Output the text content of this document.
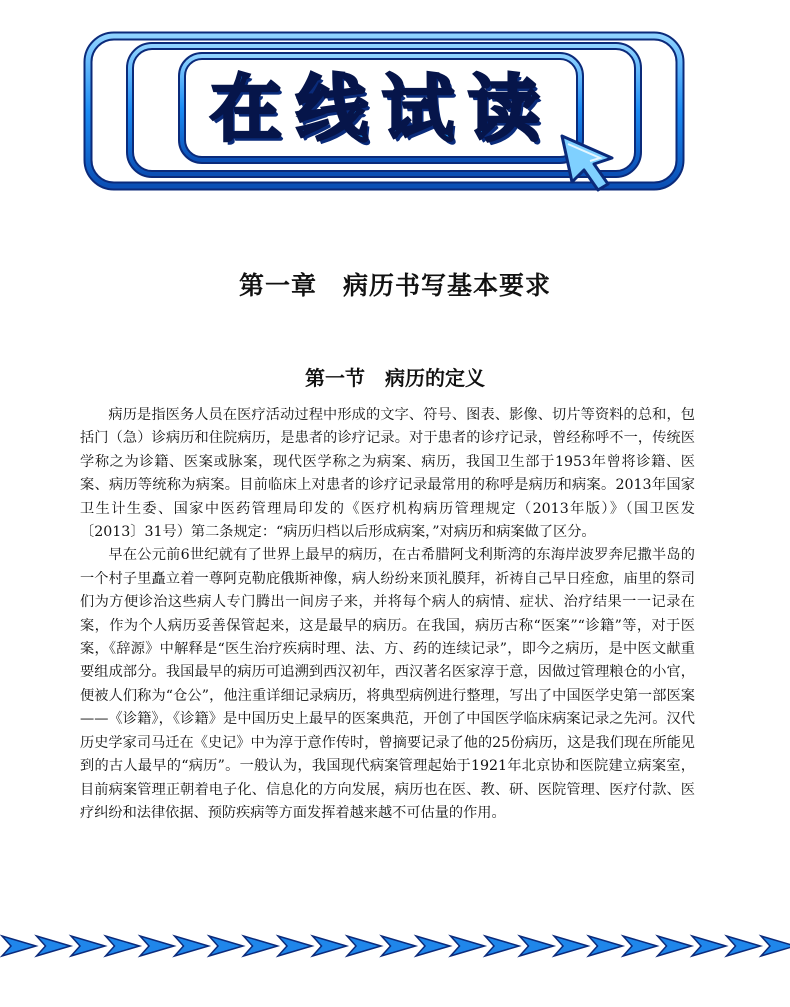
在线试读
第一章　病历书写基本要求
第一节　病历的定义

病历是指医务人员在医疗活动过程中形成的文字、符号、图表、影像、切片等资料的总和，包括门（急）诊病历和住院病历，是患者的诊疗记录。对于患者的诊疗记录，曾经称呼不一，传统医学称之为诊籍、医案或脉案，现代医学称之为病案、病历，我国卫生部于1953年曾将诊籍、医案、病历等统称为病案。目前临床上对患者的诊疗记录最常用的称呼是病历和病案。2013年国家卫生计生委、国家中医药管理局印发的《医疗机构病历管理规定（2013年版）》（国卫医发〔2013〕31号）第二条规定：“病历归档以后形成病案，”对病历和病案做了区分。

早在公元前6世纪就有了世界上最早的病历，在古希腊阿戈利斯湾的东海岸波罗奔尼撒半岛的一个村子里矗立着一尊阿克勒庇俄斯神像，病人纷纷来顶礼膜拜，祈祷自己早日痊愈，庙里的祭司们为方便诊治这些病人专门腾出一间房子来，并将每个病人的病情、症状、治疗结果一一记录在案，作为个人病历妥善保管起来，这是最早的病历。在我国，病历古称“医案”“诊籍”等，对于医案，《辞源》中解释是“医生治疗疾病时理、法、方、药的连续记录”，即今之病历，是中医文献重要组成部分。我国最早的病历可追溯到西汉初年，西汉著名医家淳于意，因做过管理粮仓的小官，便被人们称为“仓公”，他注重详细记录病历，将典型病例进行整理，写出了中国医学史第一部医案——《诊籍》，《诊籍》是中国历史上最早的医案典范，开创了中国医学临床病案记录之先河。汉代历史学家司马迁在《史记》中为淳于意作传时，曾摘要记录了他的25份病历，这是我们现在所能见到的古人最早的“病历”。一般认为，我国现代病案管理起始于1921年北京协和医院建立病案室，目前病案管理正朝着电子化、信息化的方向发展，病历也在医、教、研、医院管理、医疗付款、医疗纠纷和法律依据、预防疾病等方面发挥着越来越不可估量的作用。
